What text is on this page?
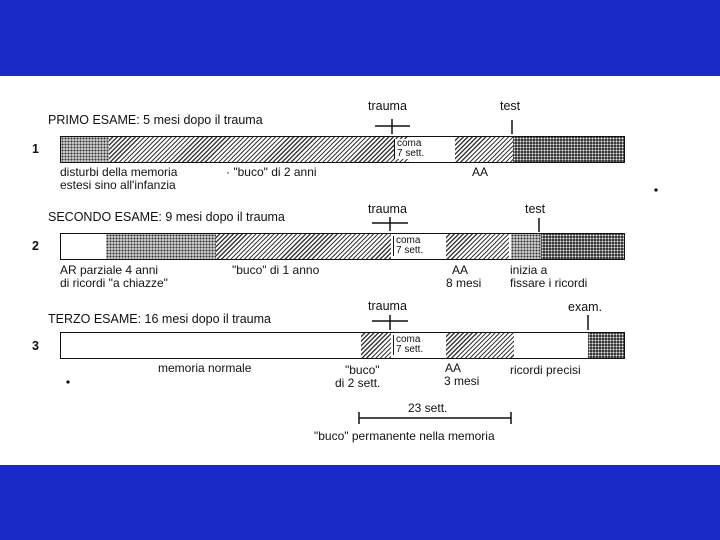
PRIMO ESAME: 5 mesi dopo il trauma
trauma	test
1	coma
7 sett.
disturbi della memoria
estesi sino all'infanzia
· "buco" di 2 anni	AA
SECONDO ESAME: 9 mesi dopo il trauma
trauma	test
2	coma
7 sett.
AR parziale 4 anni
di ricordi "a chiazze"
"buco" di 1 anno	AA
8 mesi
inizia a
fissare i ricordi
TERZO ESAME: 16 mesi dopo il trauma
trauma	exam.
3	coma
7 sett.
memoria normale	"buco"
di 2 sett.
AA
3 mesi
ricordi precisi
23 sett.
"buco" permanente nella memoria
